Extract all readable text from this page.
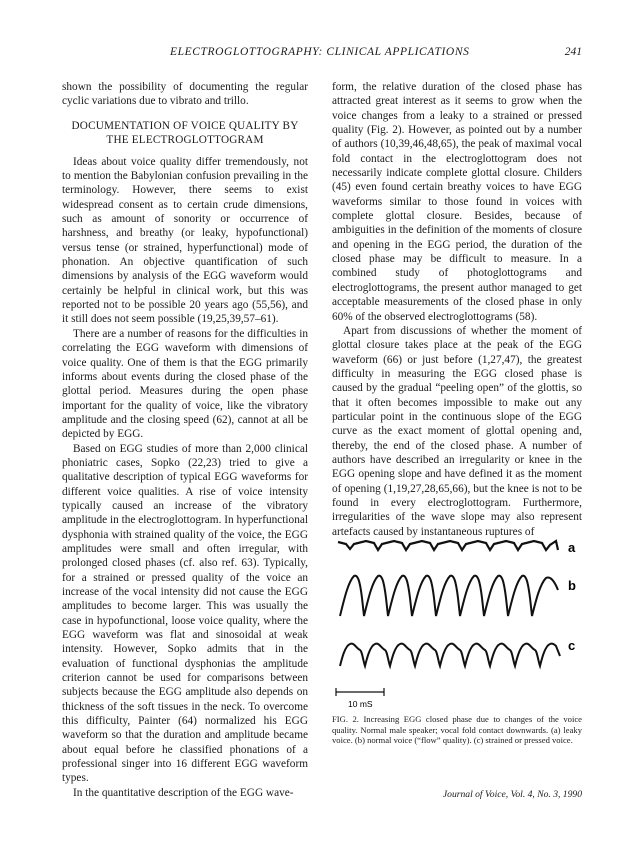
ELECTROGLOTTOGRAPHY: CLINICAL APPLICATIONS	241

shown the possibility of documenting the regular cyclic variations due to vibrato and trillo.

DOCUMENTATION OF VOICE QUALITY BY THE ELECTROGLOTTOGRAM

Ideas about voice quality differ tremendously, not to mention the Babylonian confusion prevailing in the terminology. However, there seems to exist widespread consent as to certain crude dimensions, such as amount of sonority or occurrence of harshness, and breathy (or leaky, hypofunctional) versus tense (or strained, hyperfunctional) mode of phonation. An objective quantification of such dimensions by analysis of the EGG waveform would certainly be helpful in clinical work, but this was reported not to be possible 20 years ago (55,56), and it still does not seem possible (19,25,39,57–61).

There are a number of reasons for the difficulties in correlating the EGG waveform with dimensions of voice quality. One of them is that the EGG primarily informs about events during the closed phase of the glottal period. Measures during the open phase important for the quality of voice, like the vibratory amplitude and the closing speed (62), cannot at all be depicted by EGG.

Based on EGG studies of more than 2,000 clinical phoniatric cases, Sopko (22,23) tried to give a qualitative description of typical EGG waveforms for different voice qualities. A rise of voice intensity typically caused an increase of the vibratory amplitude in the electroglottogram. In hyperfunctional dysphonia with strained quality of the voice, the EGG amplitudes were small and often irregular, with prolonged closed phases (cf. also ref. 63). Typically, for a strained or pressed quality of the voice an increase of the vocal intensity did not cause the EGG amplitudes to become larger. This was usually the case in hypofunctional, loose voice quality, where the EGG waveform was flat and sinosoidal at weak intensity. However, Sopko admits that in the evaluation of functional dysphonias the amplitude criterion cannot be used for comparisons between subjects because the EGG amplitude also depends on thickness of the soft tissues in the neck. To overcome this difficulty, Painter (64) normalized his EGG waveform so that the duration and amplitude became about equal before he classified phonations of a professional singer into 16 different EGG waveform types.

In the quantitative description of the EGG wave-

form, the relative duration of the closed phase has attracted great interest as it seems to grow when the voice changes from a leaky to a strained or pressed quality (Fig. 2). However, as pointed out by a number of authors (10,39,46,48,65), the peak of maximal vocal fold contact in the electroglottogram does not necessarily indicate complete glottal closure. Childers (45) even found certain breathy voices to have EGG waveforms similar to those found in voices with complete glottal closure. Besides, because of ambiguities in the definition of the moments of closure and opening in the EGG period, the duration of the closed phase may be difficult to measure. In a combined study of photoglottograms and electroglottograms, the present author managed to get acceptable measurements of the closed phase in only 60% of the observed electroglottograms (58).

Apart from discussions of whether the moment of glottal closure takes place at the peak of the EGG waveform (66) or just before (1,27,47), the greatest difficulty in measuring the EGG closed phase is caused by the gradual “peeling open” of the glottis, so that it often becomes impossible to make out any particular point in the continuous slope of the EGG curve as the exact moment of glottal opening and, thereby, the end of the closed phase. A number of authors have described an irregularity or knee in the EGG opening slope and have defined it as the moment of opening (1,19,27,28,65,66), but the knee is not to be found in every electroglottogram. Furthermore, irregularities of the wave slope may also represent artefacts caused by instantaneous ruptures of

a
b
c
10 mS
FIG. 2. Increasing EGG closed phase due to changes of the voice quality. Normal male speaker; vocal fold contact downwards. (a) leaky voice. (b) normal voice (“flow” quality). (c) strained or pressed voice.
Journal of Voice, Vol. 4, No. 3, 1990
